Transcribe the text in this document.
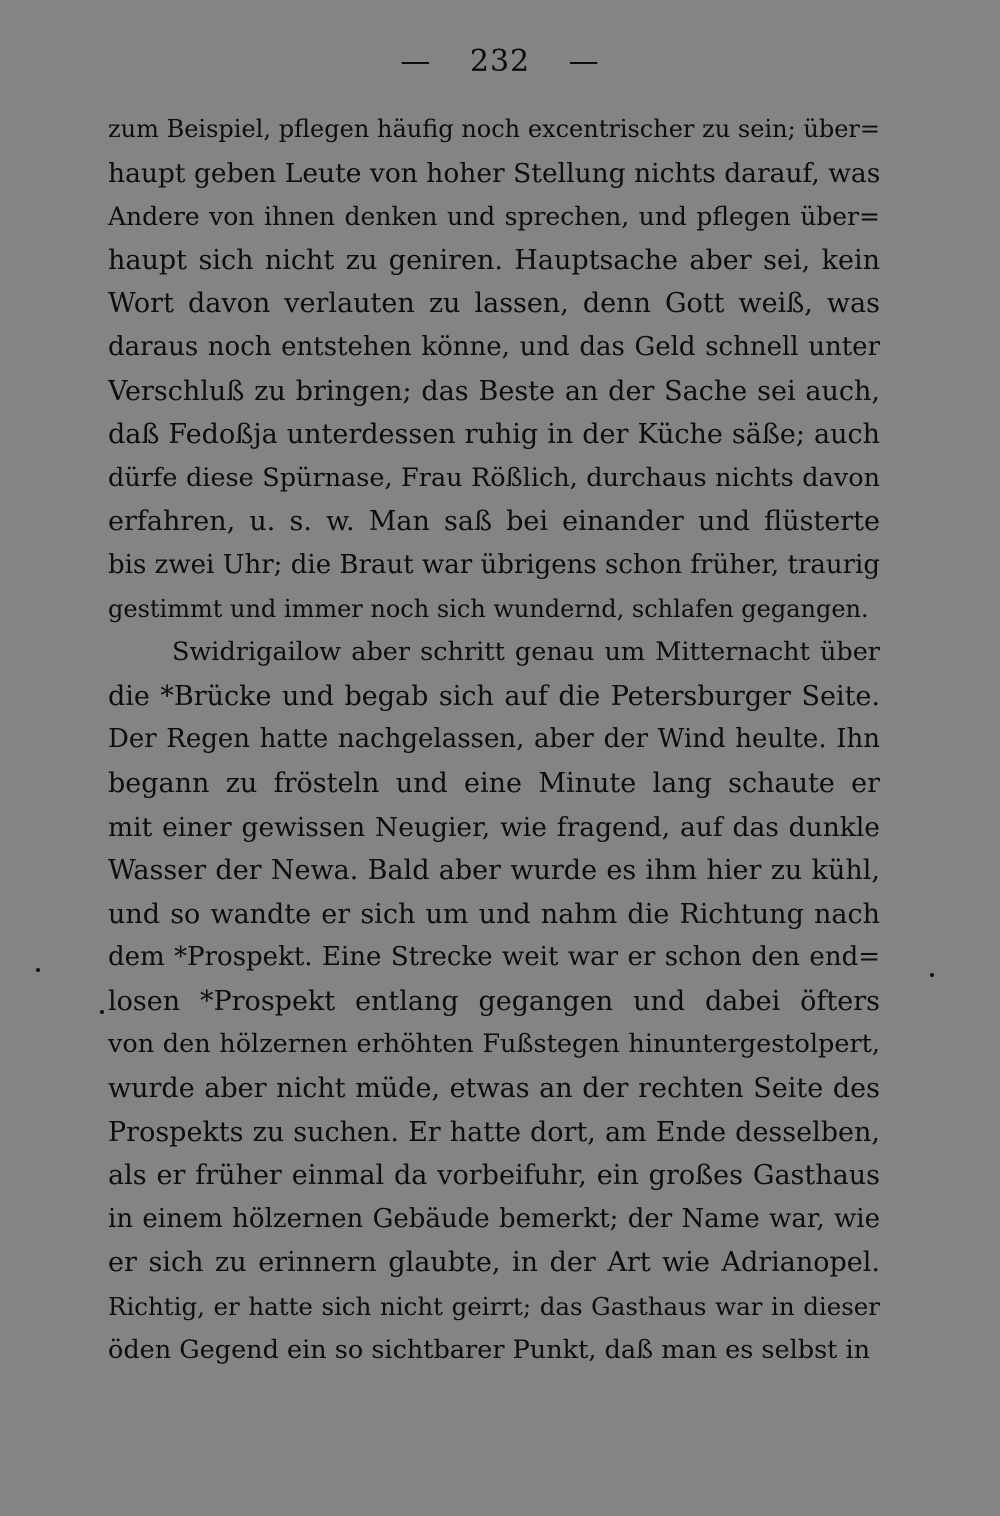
— 232 —
zum Beispiel, pflegen häufig noch excentrischer zu sein; über=
haupt geben Leute von hoher Stellung nichts darauf, was
Andere von ihnen denken und sprechen, und pflegen über=
haupt sich nicht zu geniren. Hauptsache aber sei, kein
Wort davon verlauten zu lassen, denn Gott weiß, was
daraus noch entstehen könne, und das Geld schnell unter
Verschluß zu bringen; das Beste an der Sache sei auch,
daß Fedoßja unterdessen ruhig in der Küche säße; auch
dürfe diese Spürnase, Frau Rößlich, durchaus nichts davon
erfahren, u. s. w. Man saß bei einander und flüsterte
bis zwei Uhr; die Braut war übrigens schon früher, traurig
gestimmt und immer noch sich wundernd, schlafen gegangen.
Swidrigailow aber schritt genau um Mitternacht über
die *Brücke und begab sich auf die Petersburger Seite.
Der Regen hatte nachgelassen, aber der Wind heulte. Ihn
begann zu frösteln und eine Minute lang schaute er
mit einer gewissen Neugier, wie fragend, auf das dunkle
Wasser der Newa. Bald aber wurde es ihm hier zu kühl,
und so wandte er sich um und nahm die Richtung nach
dem *Prospekt. Eine Strecke weit war er schon den end=
losen *Prospekt entlang gegangen und dabei öfters
von den hölzernen erhöhten Fußstegen hinuntergestolpert,
wurde aber nicht müde, etwas an der rechten Seite des
Prospekts zu suchen. Er hatte dort, am Ende desselben,
als er früher einmal da vorbeifuhr, ein großes Gasthaus
in einem hölzernen Gebäude bemerkt; der Name war, wie
er sich zu erinnern glaubte, in der Art wie Adrianopel.
Richtig, er hatte sich nicht geirrt; das Gasthaus war in dieser
öden Gegend ein so sichtbarer Punkt, daß man es selbst in
